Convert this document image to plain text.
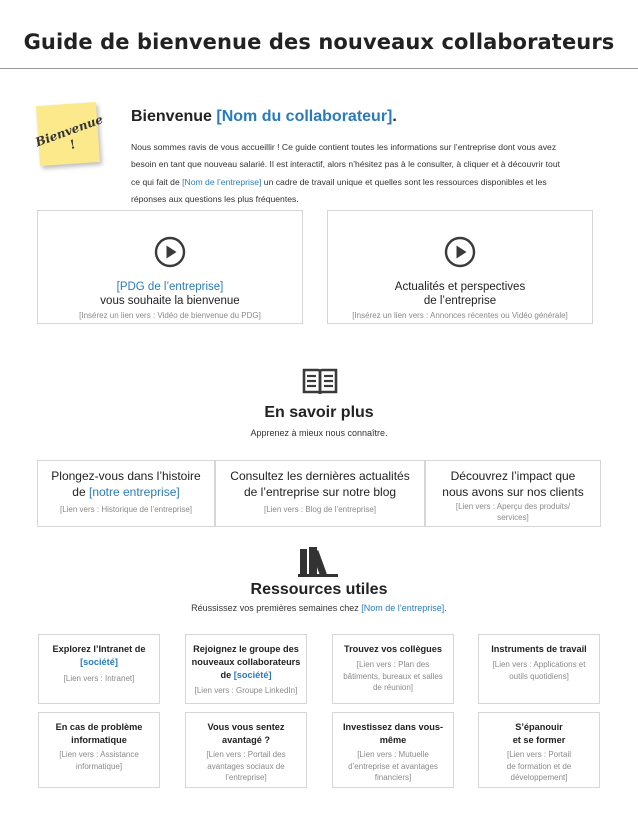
Guide de bienvenue des nouveaux collaborateurs
Bienvenue !
Bienvenue [Nom du collaborateur].
Nous sommes ravis de vous accueillir ! Ce guide contient toutes les informations sur l’entreprise dont vous avez besoin en tant que nouveau salarié. Il est interactif, alors n’hésitez pas à le consulter, à cliquer et à découvrir tout ce qui fait de [Nom de l’entreprise] un cadre de travail unique et quelles sont les ressources disponibles et les réponses aux questions les plus fréquentes.
[PDG de l’entreprise]
vous souhaite la bienvenue
[Insérez un lien vers : Vidéo de bienvenue du PDG]
Actualités et perspectives
de l’entreprise
[Insérez un lien vers : Annonces récentes ou Vidéo générale]
En savoir plus
Apprenez à mieux nous connaître.
Plongez-vous dans l’histoire
de [notre entreprise]
[Lien vers : Historique de l’entreprise]
Consultez les dernières actualités
de l’entreprise sur notre blog
[Lien vers : Blog de l’entreprise]
Découvrez l’impact que
nous avons sur nos clients
[Lien vers : Aperçu des produits/
services]
Ressources utiles
Réussissez vos premières semaines chez [Nom de l’entreprise].
Explorez l’Intranet de
[société]
[Lien vers : Intranet]
Rejoignez le groupe des
nouveaux collaborateurs
de [société]
[Lien vers : Groupe LinkedIn]
Trouvez vos collègues
[Lien vers : Plan des
bâtiments, bureaux et salles
de réunion]
Instruments de travail
[Lien vers : Applications et
outils quotidiens]
En cas de problème
informatique
[Lien vers : Assistance
informatique]
Vous vous sentez
avantagé ?
[Lien vers : Portail des
avantages sociaux de
l’entreprise]
Investissez dans vous-
même
[Lien vers : Mutuelle
d’entreprise et avantages
financiers]
S’épanouir
et se former
[Lien vers : Portail
de formation et de
développement]
